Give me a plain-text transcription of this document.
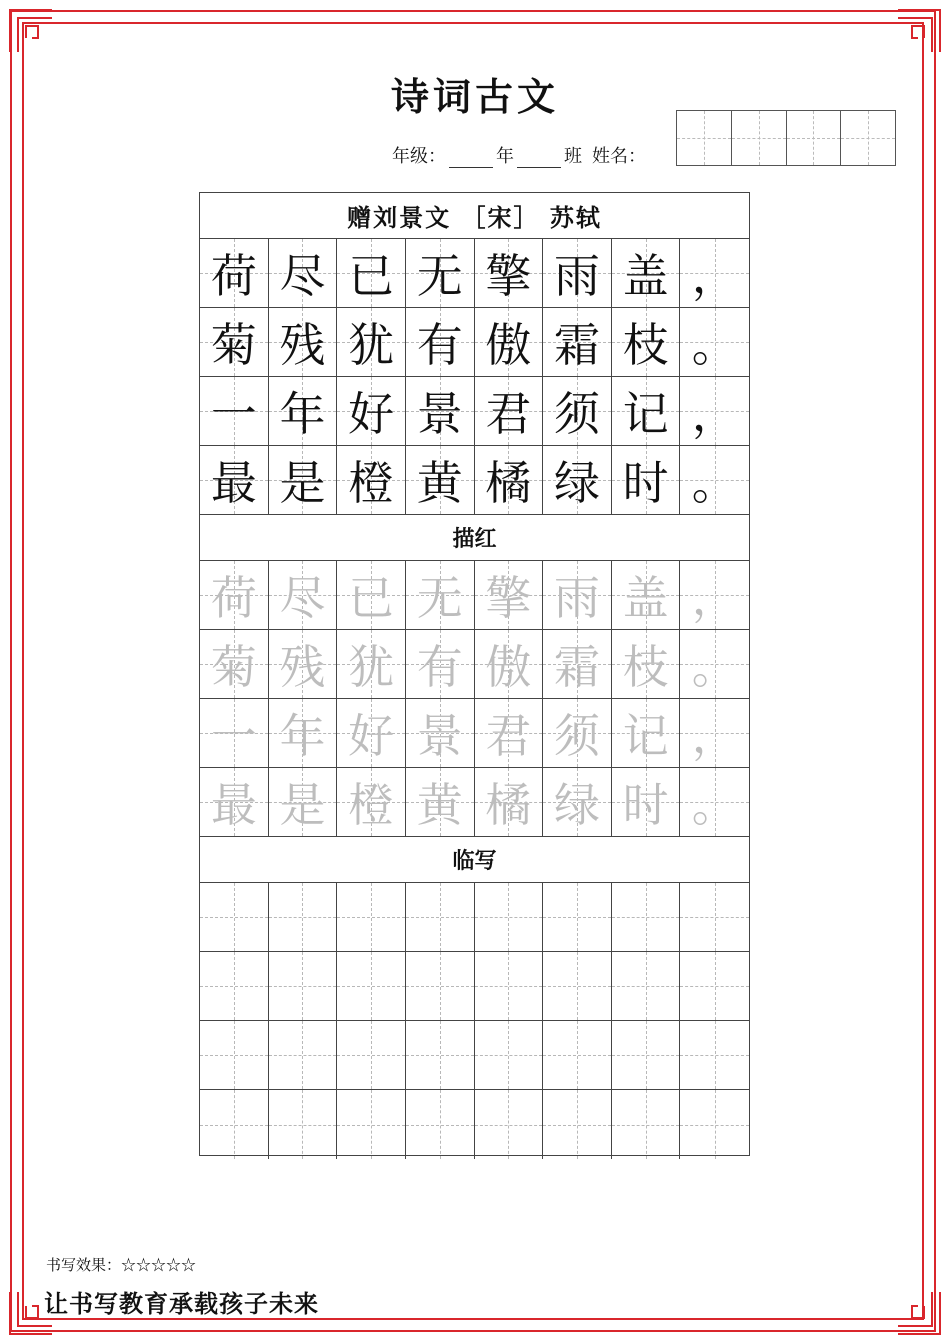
诗词古文
年级：	年	班 姓名：
赠刘景文 ［宋］ 苏轼
荷 尽 已 无 擎 雨 盖 ，
菊 残 犹 有 傲 霜 枝 。
一 年 好 景 君 须 记 ，
最 是 橙 黄 橘 绿 时 。
描红
荷 尽 已 无 擎 雨 盖 ，
菊 残 犹 有 傲 霜 枝 。
一 年 好 景 君 须 记 ，
最 是 橙 黄 橘 绿 时 。
临写
书写效果：☆☆☆☆☆
让书写教育承载孩子未来
